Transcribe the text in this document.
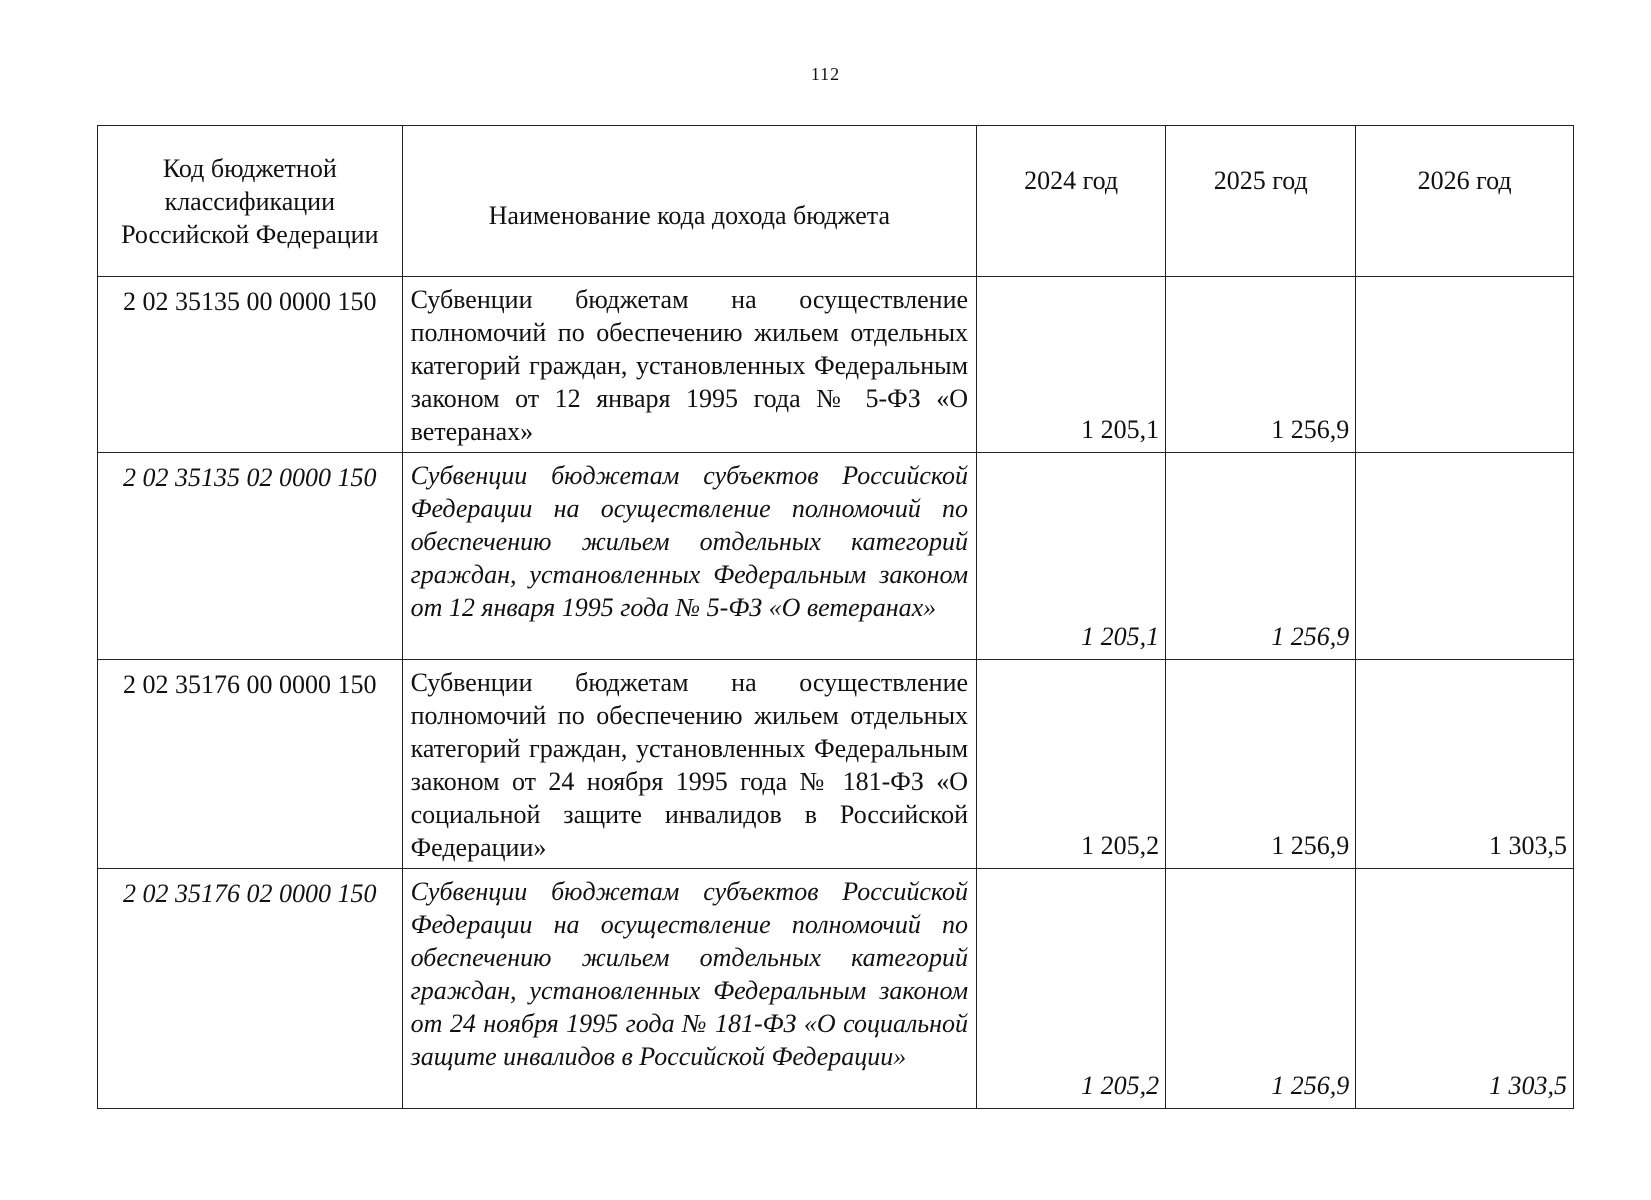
112
Код бюджетной классификации Российской Федерации	Наименование кода дохода бюджета	2024 год	2025 год	2026 год
2 02 35135 00 0000 150	Субвенции бюджетам на осуществление полномочий по обеспечению жильем отдельных категорий граждан, установленных Федеральным законом от 12 января 1995 года № 5-ФЗ «О ветеранах»	1 205,1	1 256,9	
2 02 35135 02 0000 150	Субвенции бюджетам субъектов Российской Федерации на осуществление полномочий по обеспечению жильем отдельных категорий граждан, установленных Федеральным законом от 12 января 1995 года № 5-ФЗ «О ветеранах»	1 205,1	1 256,9	
2 02 35176 00 0000 150	Субвенции бюджетам на осуществление полномочий по обеспечению жильем отдельных категорий граждан, установленных Федеральным законом от 24 ноября 1995 года № 181-ФЗ «О социальной защите инвалидов в Российской Федерации»	1 205,2	1 256,9	1 303,5
2 02 35176 02 0000 150	Субвенции бюджетам субъектов Российской Федерации на осуществление полномочий по обеспечению жильем отдельных категорий граждан, установленных Федеральным законом от 24 ноября 1995 года № 181-ФЗ «О социальной защите инвалидов в Российской Федерации»	1 205,2	1 256,9	1 303,5
